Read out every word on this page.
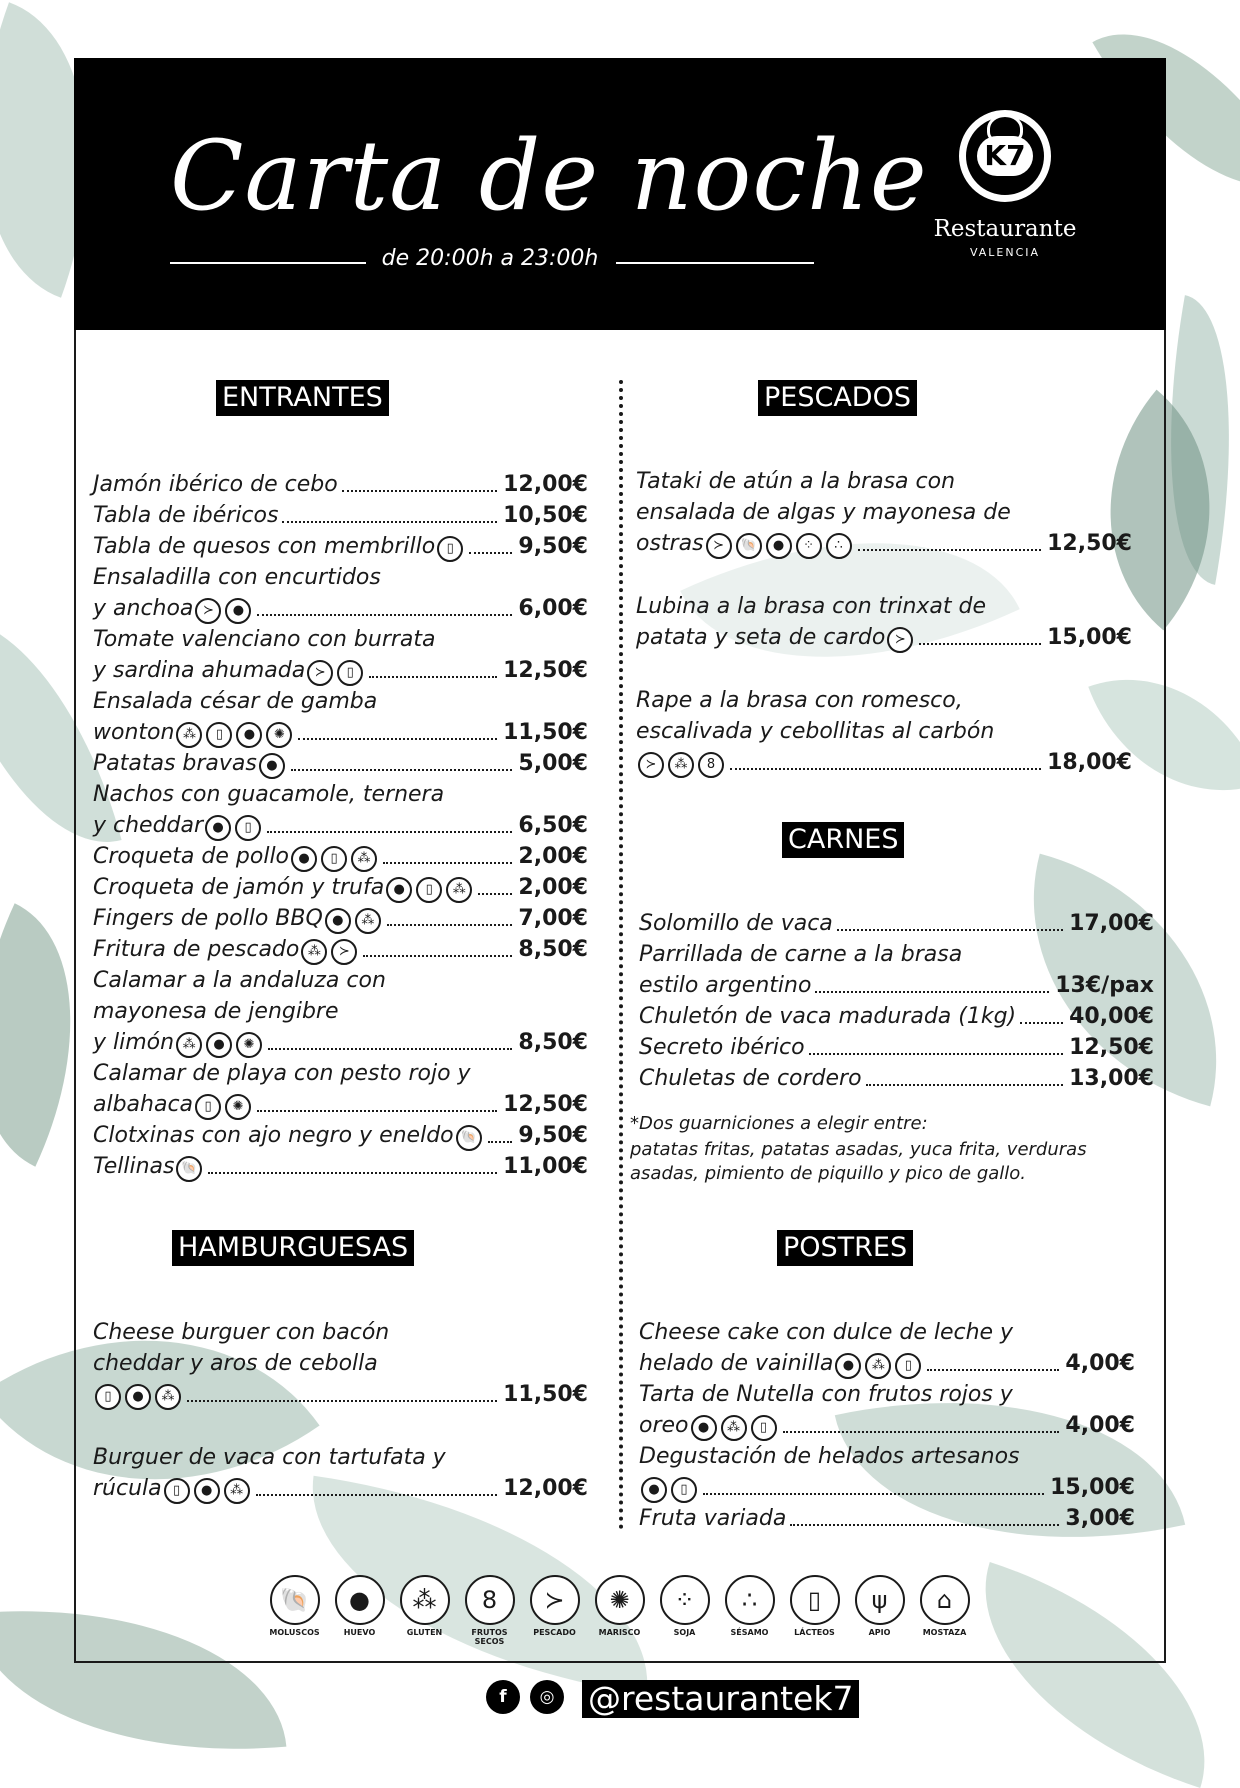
Carta de noche
de 20:00h a 23:00h
K7
Restaurante
VALENCIA
ENTRANTES	PESCADOS
CARNES
HAMBURGUESAS	POSTRES
Jamón ibérico de cebo	12,00€
Tabla de ibéricos	10,50€
Tabla de quesos con membrillo ▯	9,50€
Ensaladilla con encurtidos
y anchoa ≻	●	6,00€
Tomate valenciano con burrata
y sardina ahumada ≻	▯	12,50€
Ensalada césar de gamba
wonton ⁂	▯	●	✺	11,50€
Patatas bravas ●	5,00€
Nachos con guacamole, ternera
y cheddar ●	▯	6,50€
Croqueta de pollo ●	▯	⁂	2,00€
Croqueta de jamón y trufa ●	▯	⁂ 2,00€
Fingers de pollo BBQ ●	⁂	7,00€
Fritura de pescado ⁂	≻	8,50€
Calamar a la andaluza con
mayonesa de jengibre
y limón ⁂	●	✺	8,50€
Calamar de playa con pesto rojo y
albahaca ▯	✺	12,50€
Clotxinas con ajo negro y eneldo 🐚 9,50€
Tellinas 🐚	11,00€
Tataki de atún a la brasa con
ensalada de algas y mayonesa de
ostras ≻	🐚	●	⁘	∴	12,50€
Lubina a la brasa con trinxat de
patata y seta de cardo ≻	15,00€
Rape a la brasa con romesco,
escalivada y cebollitas al carbón
≻	⁂	8	18,00€
Solomillo de vaca	17,00€
Parrillada de carne a la brasa
estilo argentino	13€/pax
Chuletón de vaca madurada (1kg) 40,00€
Secreto ibérico	12,50€
Chuletas de cordero	13,00€
Cheese burguer con bacón
cheddar y aros de cebolla
▯	●	⁂	11,50€
Burguer de vaca con tartufata y
rúcula ▯	●	⁂	12,00€
Cheese cake con dulce de leche y
helado de vainilla ●	⁂	▯	4,00€
Tarta de Nutella con frutos rojos y
oreo ●	⁂	▯	4,00€
Degustación de helados artesanos
●	▯	15,00€
Fruta variada	3,00€
*Dos guarniciones a elegir entre:
patatas fritas, patatas asadas, yuca frita, verduras
asadas, pimiento de piquillo y pico de gallo.
🐚
MOLUSCOS
●
HUEVO
⁂
GLUTEN
8
FRUTOS SECOS
≻
PESCADO
✺
MARISCO
⁘
SOJA
∴
SÉSAMO
▯
LÁCTEOS
ψ
APIO
⌂
MOSTAZA
f	◎ @restaurantek7
